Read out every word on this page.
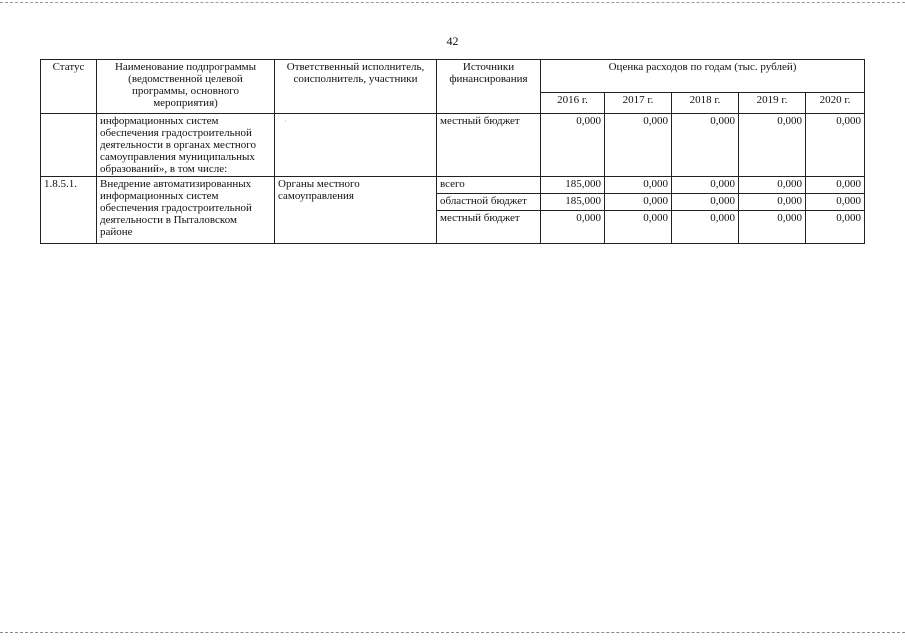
42
Статус	Наименование подпрограммы (ведомственной целевой программы, основного мероприятия)	Ответственный исполнитель, соисполнитель, участники	Источники финансирования	Оценка расходов по годам (тыс. рублей)				
				2016 г.	2017 г.	2018 г.	2019 г.	2020 г.
	информационных систем обеспечения градостроительной деятельности в органах местного самоуправления муниципальных образований», в том числе:	·	местный бюджет	0,000	0,000	0,000	0,000	0,000
1.8.5.1.	Внедрение автоматизированных информационных систем обеспечения градостроительной деятельности в Пыталовском районе	Органы местного самоуправления	всего	185,000	0,000	0,000	0,000	0,000
			областной бюджет	185,000	0,000	0,000	0,000	0,000
			местный бюджет	0,000	0,000	0,000	0,000	0,000
